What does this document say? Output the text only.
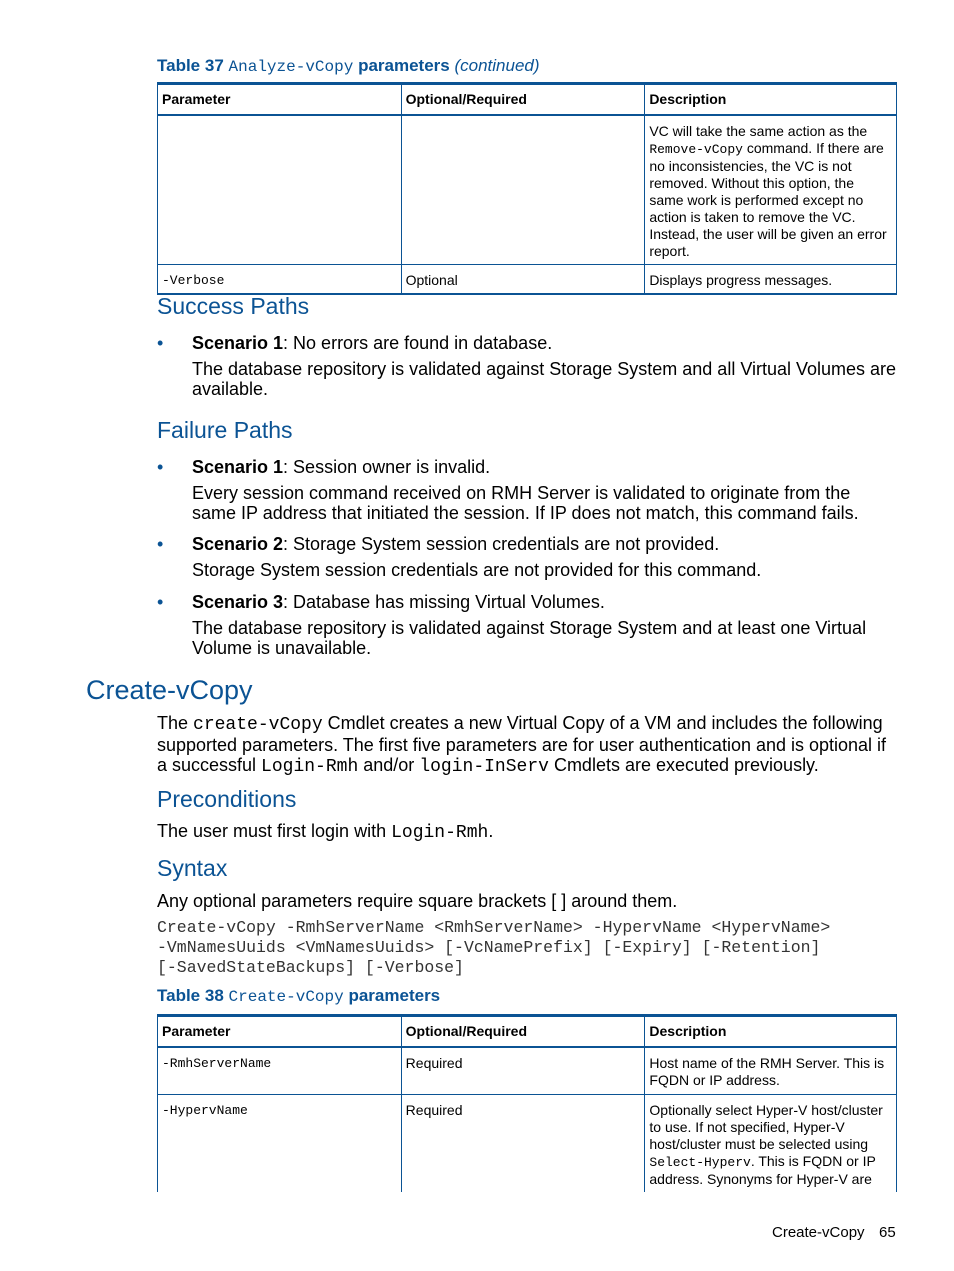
Table 37 Analyze-vCopy parameters (continued)
Parameter	Optional/Required	Description
		VC will take the same action as the Remove-vCopy command. If there are no inconsistencies, the VC is not removed. Without this option, the same work is performed except no action is taken to remove the VC. Instead, the user will be given an error report.
-Verbose	Optional	Displays progress messages.
Success Paths
• Scenario 1: No errors are found in database.
The database repository is validated against Storage System and all Virtual Volumes are available.
Failure Paths
• Scenario 1: Session owner is invalid.
Every session command received on RMH Server is validated to originate from the same IP address that initiated the session. If IP does not match, this command fails.
• Scenario 2: Storage System session credentials are not provided.
Storage System session credentials are not provided for this command.
• Scenario 3: Database has missing Virtual Volumes.
The database repository is validated against Storage System and at least one Virtual Volume is unavailable.
Create-vCopy
The create-vCopy Cmdlet creates a new Virtual Copy of a VM and includes the following supported parameters. The first five parameters are for user authentication and is optional if a successful Login-Rmh and/or login-InServ Cmdlets are executed previously.
Preconditions
The user must first login with Login-Rmh.
Syntax
Any optional parameters require square brackets [ ] around them.
Create-vCopy -RmhServerName <RmhServerName> -HypervName <HypervName>
-VmNamesUuids <VmNamesUuids> [-VcNamePrefix] [-Expiry] [-Retention]
[-SavedStateBackups] [-Verbose]
Table 38 Create-vCopy parameters
Parameter	Optional/Required	Description
-RmhServerName	Required	Host name of the RMH Server. This is FQDN or IP address.
-HypervName	Required	Optionally select Hyper-V host/cluster to use. If not specified, Hyper-V host/cluster must be selected using Select-Hyperv. This is FQDN or IP address. Synonyms for Hyper-V are
Create-vCopy 65
